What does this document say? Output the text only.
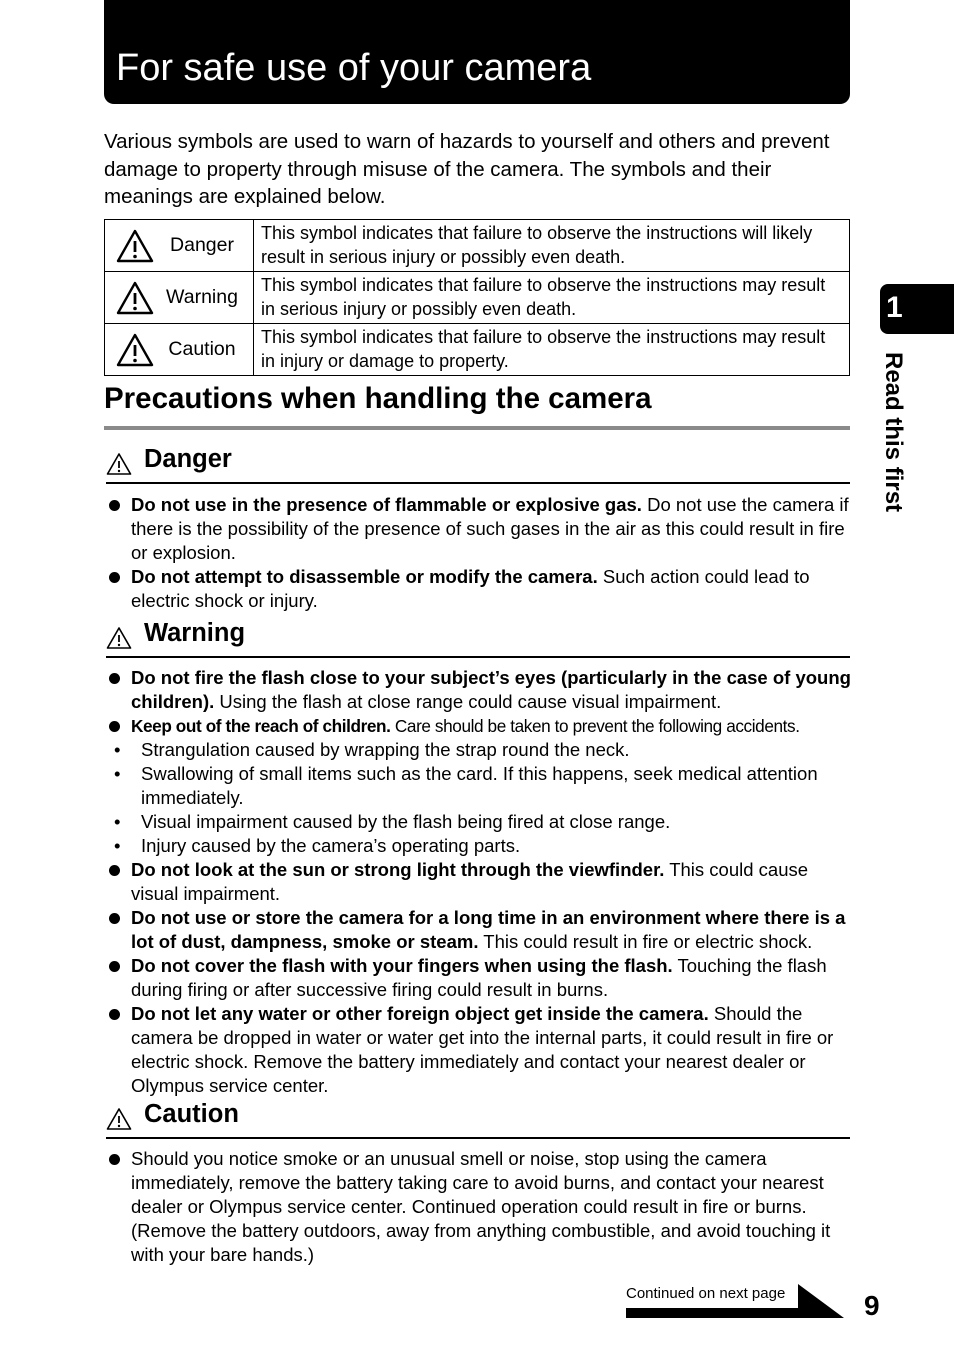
For safe use of your camera

Various symbols are used to warn of hazards to yourself and others and prevent damage to property through misuse of the camera. The symbols and their meanings are explained below.

Danger	This symbol indicates that failure to observe the instructions will likely result in serious injury or possibly even death.

Warning	This symbol indicates that failure to observe the instructions may result in serious injury or possibly even death.

Caution	This symbol indicates that failure to observe the instructions may result in injury or damage to property.
Precautions when handling the camera
Danger
Do not use in the presence of flammable or explosive gas. Do not use the camera if there is the possibility of the presence of such gases in the air as this could result in fire or explosion.
Do not attempt to disassemble or modify the camera. Such action could lead to electric shock or injury.
Warning
Do not fire the flash close to your subject’s eyes (particularly in the case of young children). Using the flash at close range could cause visual impairment.
Keep out of the reach of children. Care should be taken to prevent the following accidents.
• Strangulation caused by wrapping the strap round the neck.
• Swallowing of small items such as the card. If this happens, seek medical attention immediately.
• Visual impairment caused by the flash being fired at close range.
• Injury caused by the camera’s operating parts.
Do not look at the sun or strong light through the viewfinder. This could cause visual impairment.
Do not use or store the camera for a long time in an environment where there is a lot of dust, dampness, smoke or steam. This could result in fire or electric shock.
Do not cover the flash with your fingers when using the flash. Touching the flash during firing or after successive firing could result in burns.
Do not let any water or other foreign object get inside the camera. Should the camera be dropped in water or water get into the internal parts, it could result in fire or electric shock. Remove the battery immediately and contact your nearest dealer or Olympus service center.
Caution
Should you notice smoke or an unusual smell or noise, stop using the camera immediately, remove the battery taking care to avoid burns, and contact your nearest dealer or Olympus service center. Continued operation could result in fire or burns. (Remove the battery outdoors, away from anything combustible, and avoid touching it with your bare hands.)
1
Read this first
Continued on next page	9
